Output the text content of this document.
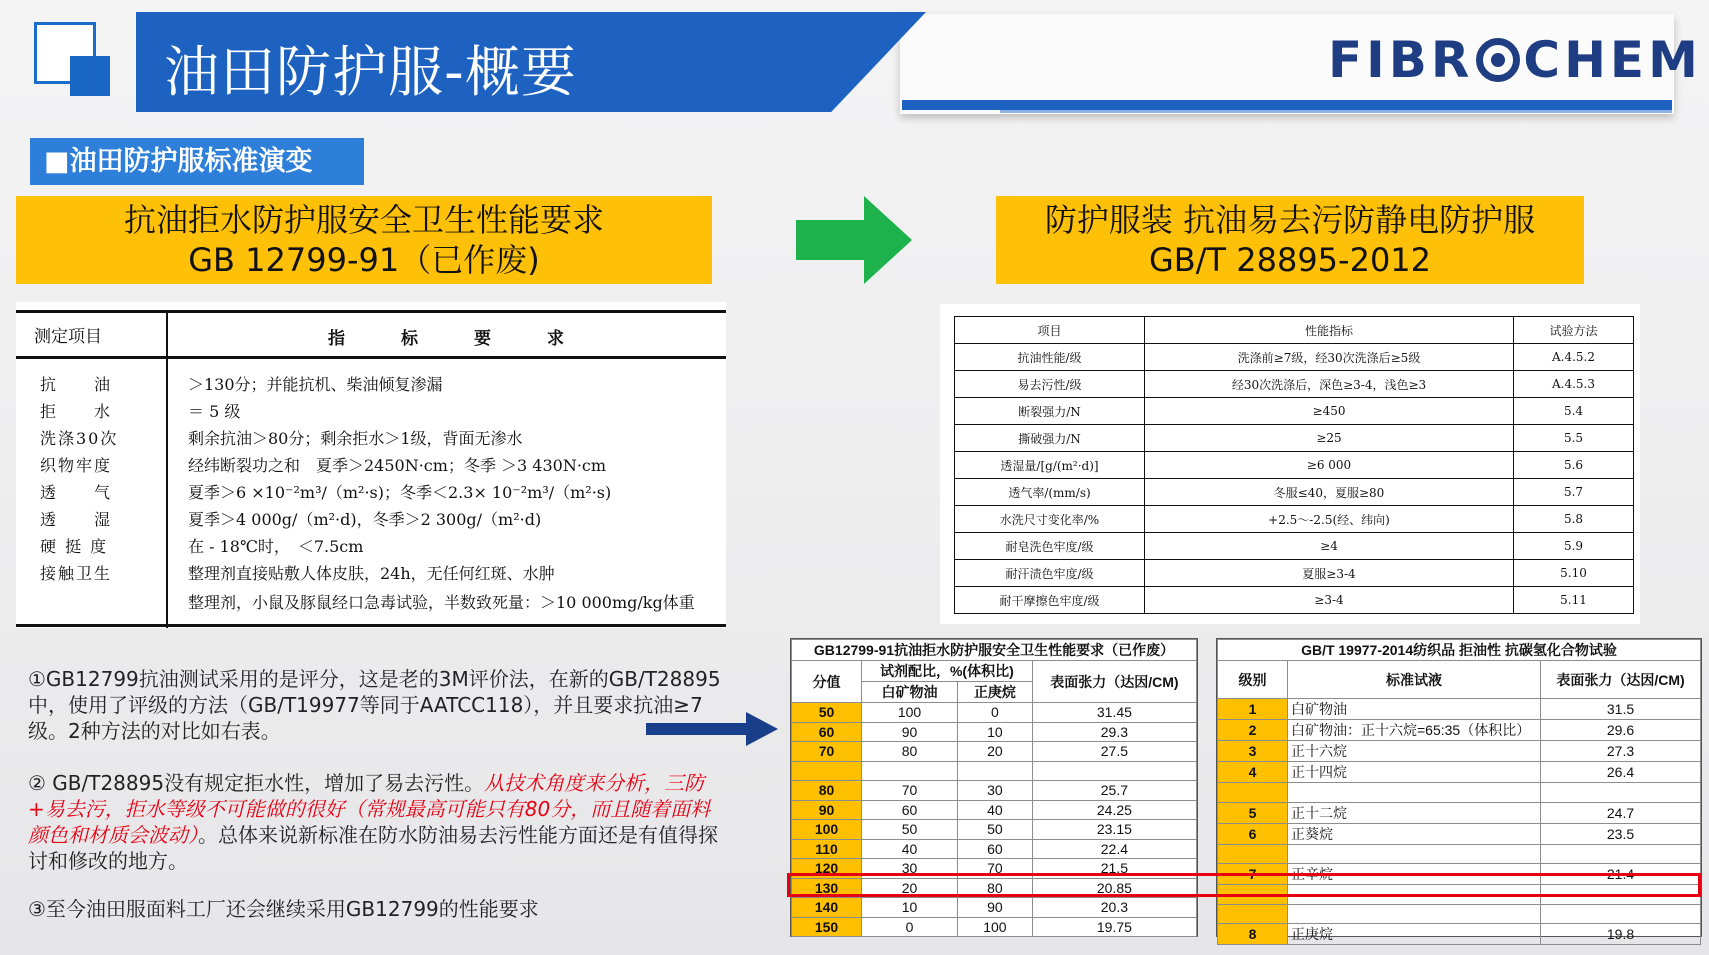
油田防护服-概要	FIBR CHEM
■油田防护服标准演变
抗油拒水防护服安全卫生性能要求
GB 12799-91（已作废)
防护服装 抗油易去污防静电防护服
GB/T 28895-2012
测定项目	指标要求
抗　　油	＞130分；并能抗机、柴油倾复渗漏
拒　　水	＝ 5 级
洗涤30次	剩余抗油＞80分；剩余拒水＞1级，背面无渗水
织物牢度	经纬断裂功之和　夏季＞2450N·cm；冬季 ＞3 430N·cm
透　　气	夏季＞6 ×10⁻²m³/（m²·s)；冬季＜2.3× 10⁻²m³/（m²·s)
透　　湿	夏季＞4 000g/（m²·d)，冬季＞2 300g/（m²·d)
硬 挺 度	在 - 18℃时，　＜7.5cm
接触卫生	整理剂直接贴敷人体皮肤，24h，无任何红斑、水肿
整理剂，小鼠及豚鼠经口急毒试验，半数致死量：＞10 000mg/kg体重
项目	性能指标	试验方法
抗油性能/级	洗涤前≥7级，经30次洗涤后≥5级	A.4.5.2
易去污性/级	经30次洗涤后，深色≥3-4，浅色≥3	A.4.5.3
断裂强力/N	≥450	5.4
撕破强力/N	≥25	5.5
透湿量/[g/(m²·d)]	≥6 000	5.6
透气率/(mm/s)	冬服≤40，夏服≥80	5.7
水洗尺寸变化率/%	+2.5～-2.5(经、纬向)	5.8
耐皂洗色牢度/级	≥4	5.9
耐汗渍色牢度/级	夏服≥3-4	5.10
耐干摩擦色牢度/级	≥3-4	5.11
①GB12799抗油测试采用的是评分，这是老的3M评价法，在新的GB/T28895中，使用了评级的方法（GB/T19977等同于AATCC118），并且要求抗油≥7级。2种方法的对比如右表。
② GB/T28895没有规定拒水性，增加了易去污性。从技术角度来分析，三防+易去污，拒水等级不可能做的很好（常规最高可能只有80分，而且随着面料颜色和材质会波动）。总体来说新标准在防水防油易去污性能方面还是有值得探讨和修改的地方。
③至今油田服面料工厂还会继续采用GB12799的性能要求
GB12799-91抗油拒水防护服安全卫生性能要求（已作废）			
分值	试剂配比，%(体积比)		表面张力（达因/CM)
	白矿物油	正庚烷	
50	100	0	31.45
60	90	10	29.3
70	80	20	27.5

80	70	30	25.7
90	60	40	24.25
100	50	50	23.15
110	40	60	22.4
120	30	70	21.5
130	20	80	20.85
140	10	90	20.3
150	0	100	19.75
GB/T 19977-2014纺织品 拒油性 抗碳氢化合物试验		
级别	标准试液	表面张力（达因/CM)
1	白矿物油	31.5
2	白矿物油：正十六烷=65:35（体积比）	29.6
3	正十六烷	27.3
4	正十四烷	26.4

5	正十二烷	24.7
6	正葵烷	23.5

7	正辛烷	21.4

8	正庚烷	19.8
